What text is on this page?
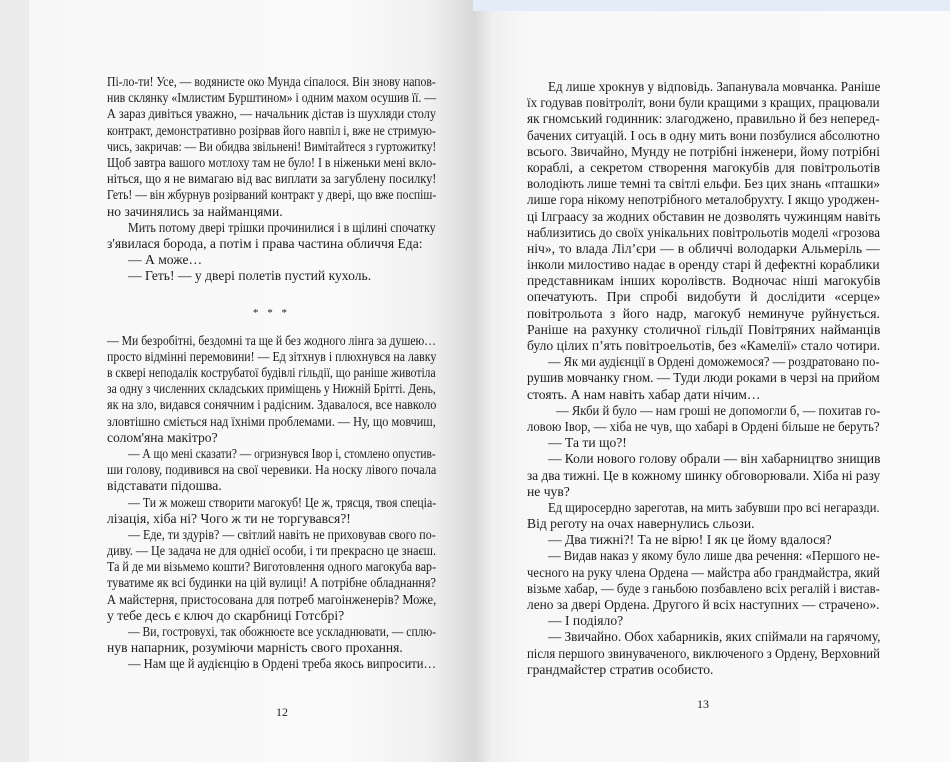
Пі-ло-ти! Усе, — водянисте око Мунда сіпалося. Він знову напов-
нив склянку «Імлистим Бурштином» і одним махом осушив її. —
А зараз дивіться уважно, — начальник дістав із шухляди столу
контракт, демонстративно розірвав його навпіл і, вже не стримую-
чись, закричав: — Ви обидва звільнені! Вимітайтеся з гуртожитку!
Щоб завтра вашого мотлоху там не було! І в ніженьки мені вкло-
ніться, що я не вимагаю від вас виплати за загублену посилку!
Геть! — він жбурнув розірваний контракт у двері, що вже поспіш-
но зачинялись за найманцями.
Мить потому двері трішки прочинилися і в щілині спочатку
з'явилася борода, а потім і права частина обличчя Еда:
— А може…
— Геть! — у двері полетів пустий кухоль.
* * *
— Ми безробітні, бездомні та ще й без жодного лінга за душею…
просто відмінні перемовини! — Ед зітхнув і плюхнувся на лавку
в сквері неподалік кострубатої будівлі гільдії, що раніше животіла
за одну з численних складських приміщень у Нижній Брітті. День,
як на зло, видався сонячним і радісним. Здавалося, все навколо
зловтішно сміється над їхніми проблемами. — Ну, що мовчиш,
солом'яна макітро?
— А що мені сказати? — огризнувся Івор і, стомлено опустив-
ши голову, подивився на свої черевики. На носку лівого почала
відставати підошва.
— Ти ж можеш створити магокуб! Це ж, трясця, твоя спеціа-
лізація, хіба ні? Чого ж ти не торгувався?!
— Еде, ти здурів? — світлий навіть не приховував свого по-
диву. — Це задача не для однієї особи, і ти прекрасно це знаєш.
Та й де ми візьмемо кошти? Виготовлення одного магокуба вар-
туватиме як всі будинки на цій вулиці! А потрібне обладнання?
А майстерня, пристосована для потреб магоінженерів? Може,
у тебе десь є ключ до скарбниці Готсбрі?
— Ви, гостровухі, так обожнюєте все ускладнювати, — сплю-
нув напарник, розуміючи марність свого прохання.
— Нам ще й аудієнцію в Ордені треба якось випросити…
Ед лише хрокнув у відповідь. Запанувала мовчанка. Раніше
їх годував повітроліт, вони були кращими з кращих, працювали
як гномський годинник: злагоджено, правильно й без неперед-
бачених ситуацій. І ось в одну мить вони позбулися абсолютно
всього. Звичайно, Мунду не потрібні інженери, йому потрібні
кораблі, а секретом створення магокубів для повітрольотів
володіють лише темні та світлі ельфи. Без цих знань «пташки»
лише гора нікому непотрібного металобрухту. І якщо уроджен-
ці Ілграасу за жодних обставин не дозволять чужинцям навіть
наблизитись до своїх унікальних повітрольотів моделі «грозова
ніч», то влада Лілʼєри — в обличчі володарки Альмеріль —
інколи милостиво надає в оренду старі й дефектні кораблики
представникам інших королівств. Водночас ніші магокубів
опечатують. При спробі видобути й дослідити «серце»
повітрольота з його надр, магокуб неминуче руйнується.
Раніше на рахунку столичної гільдії Повітряних найманців
було цілих пʼять повітроельотів, без «Камелії» стало чотири.
— Як ми аудієнції в Ордені доможемося? — роздратовано по-
рушив мовчанку гном. — Туди люди роками в черзі на прийом
стоять. А нам навіть хабар дати нічим…
— Якби й було — нам гроші не допомогли б, — похитав го-
ловою Івор, — хіба не чув, що хабарі в Ордені більше не беруть?
— Та ти що?!
— Коли нового голову обрали — він хабарництво знищив
за два тижні. Це в кожному шинку обговорювали. Хіба ні разу
не чув?
Ед щиросердно зареготав, на мить забувши про всі негаразди.
Від реготу на очах навернулись сльози.
— Два тижні?! Та не вірю! І як це йому вдалося?
— Видав наказ у якому було лише два речення: «Першого не-
чесного на руку члена Ордена — майстра або грандмайстра, який
візьме хабар, — буде з ганьбою позбавлено всіх регалій і вистав-
лено за двері Ордена. Другого й всіх наступних — страчено».
— І подіяло?
— Звичайно. Обох хабарників, яких спіймали на гарячому,
після першого звинуваченого, виключеного з Ордену, Верховний
грандмайстер стратив особисто.
12
13
